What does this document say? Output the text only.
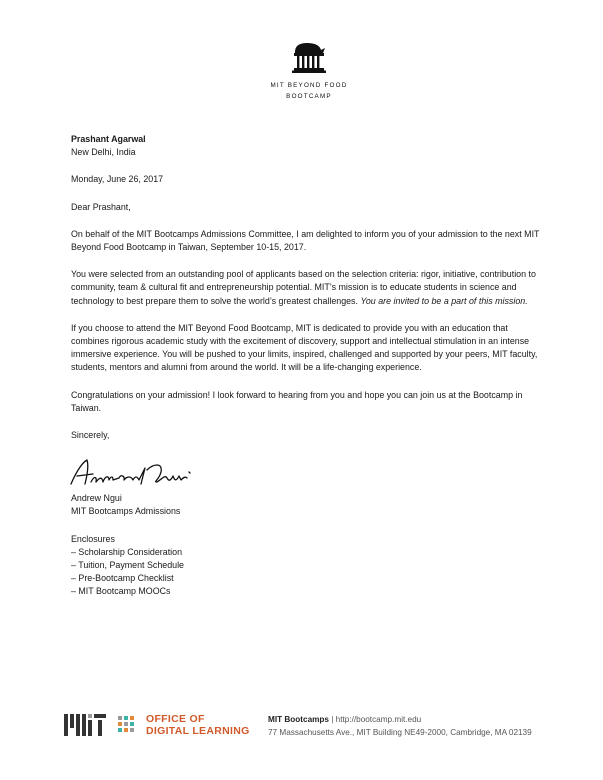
MIT BEYOND FOOD
BOOTCAMP
Prashant Agarwal
New Delhi, India

Monday, June 26, 2017

Dear Prashant,

On behalf of the MIT Bootcamps Admissions Committee, I am delighted to inform you of your admission to the next MIT Beyond Food Bootcamp in Taiwan, September 10-15, 2017.

You were selected from an outstanding pool of applicants based on the selection criteria: rigor, initiative, contribution to community, team & cultural fit and entrepreneurship potential. MIT’s mission is to educate students in science and technology to best prepare them to solve the world’s greatest challenges. You are invited to be a part of this mission.

If you choose to attend the MIT Beyond Food Bootcamp, MIT is dedicated to provide you with an education that combines rigorous academic study with the excitement of discovery, support and intellectual stimulation in an intense immersive experience. You will be pushed to your limits, inspired, challenged and supported by your peers, MIT faculty, students, mentors and alumni from around the world. It will be a life-changing experience.

Congratulations on your admission! I look forward to hearing from you and hope you can join us at the Bootcamp in Taiwan.

Sincerely,

Andrew Ngui
MIT Bootcamps Admissions
Enclosures
– Scholarship Consideration
– Tuition, Payment Schedule
– Pre-Bootcamp Checklist
– MIT Bootcamp MOOCs
OFFICE OF
DIGITAL LEARNING
MIT Bootcamps | http://bootcamp.mit.edu
77 Massachusetts Ave., MIT Building NE49-2000, Cambridge, MA 02139
